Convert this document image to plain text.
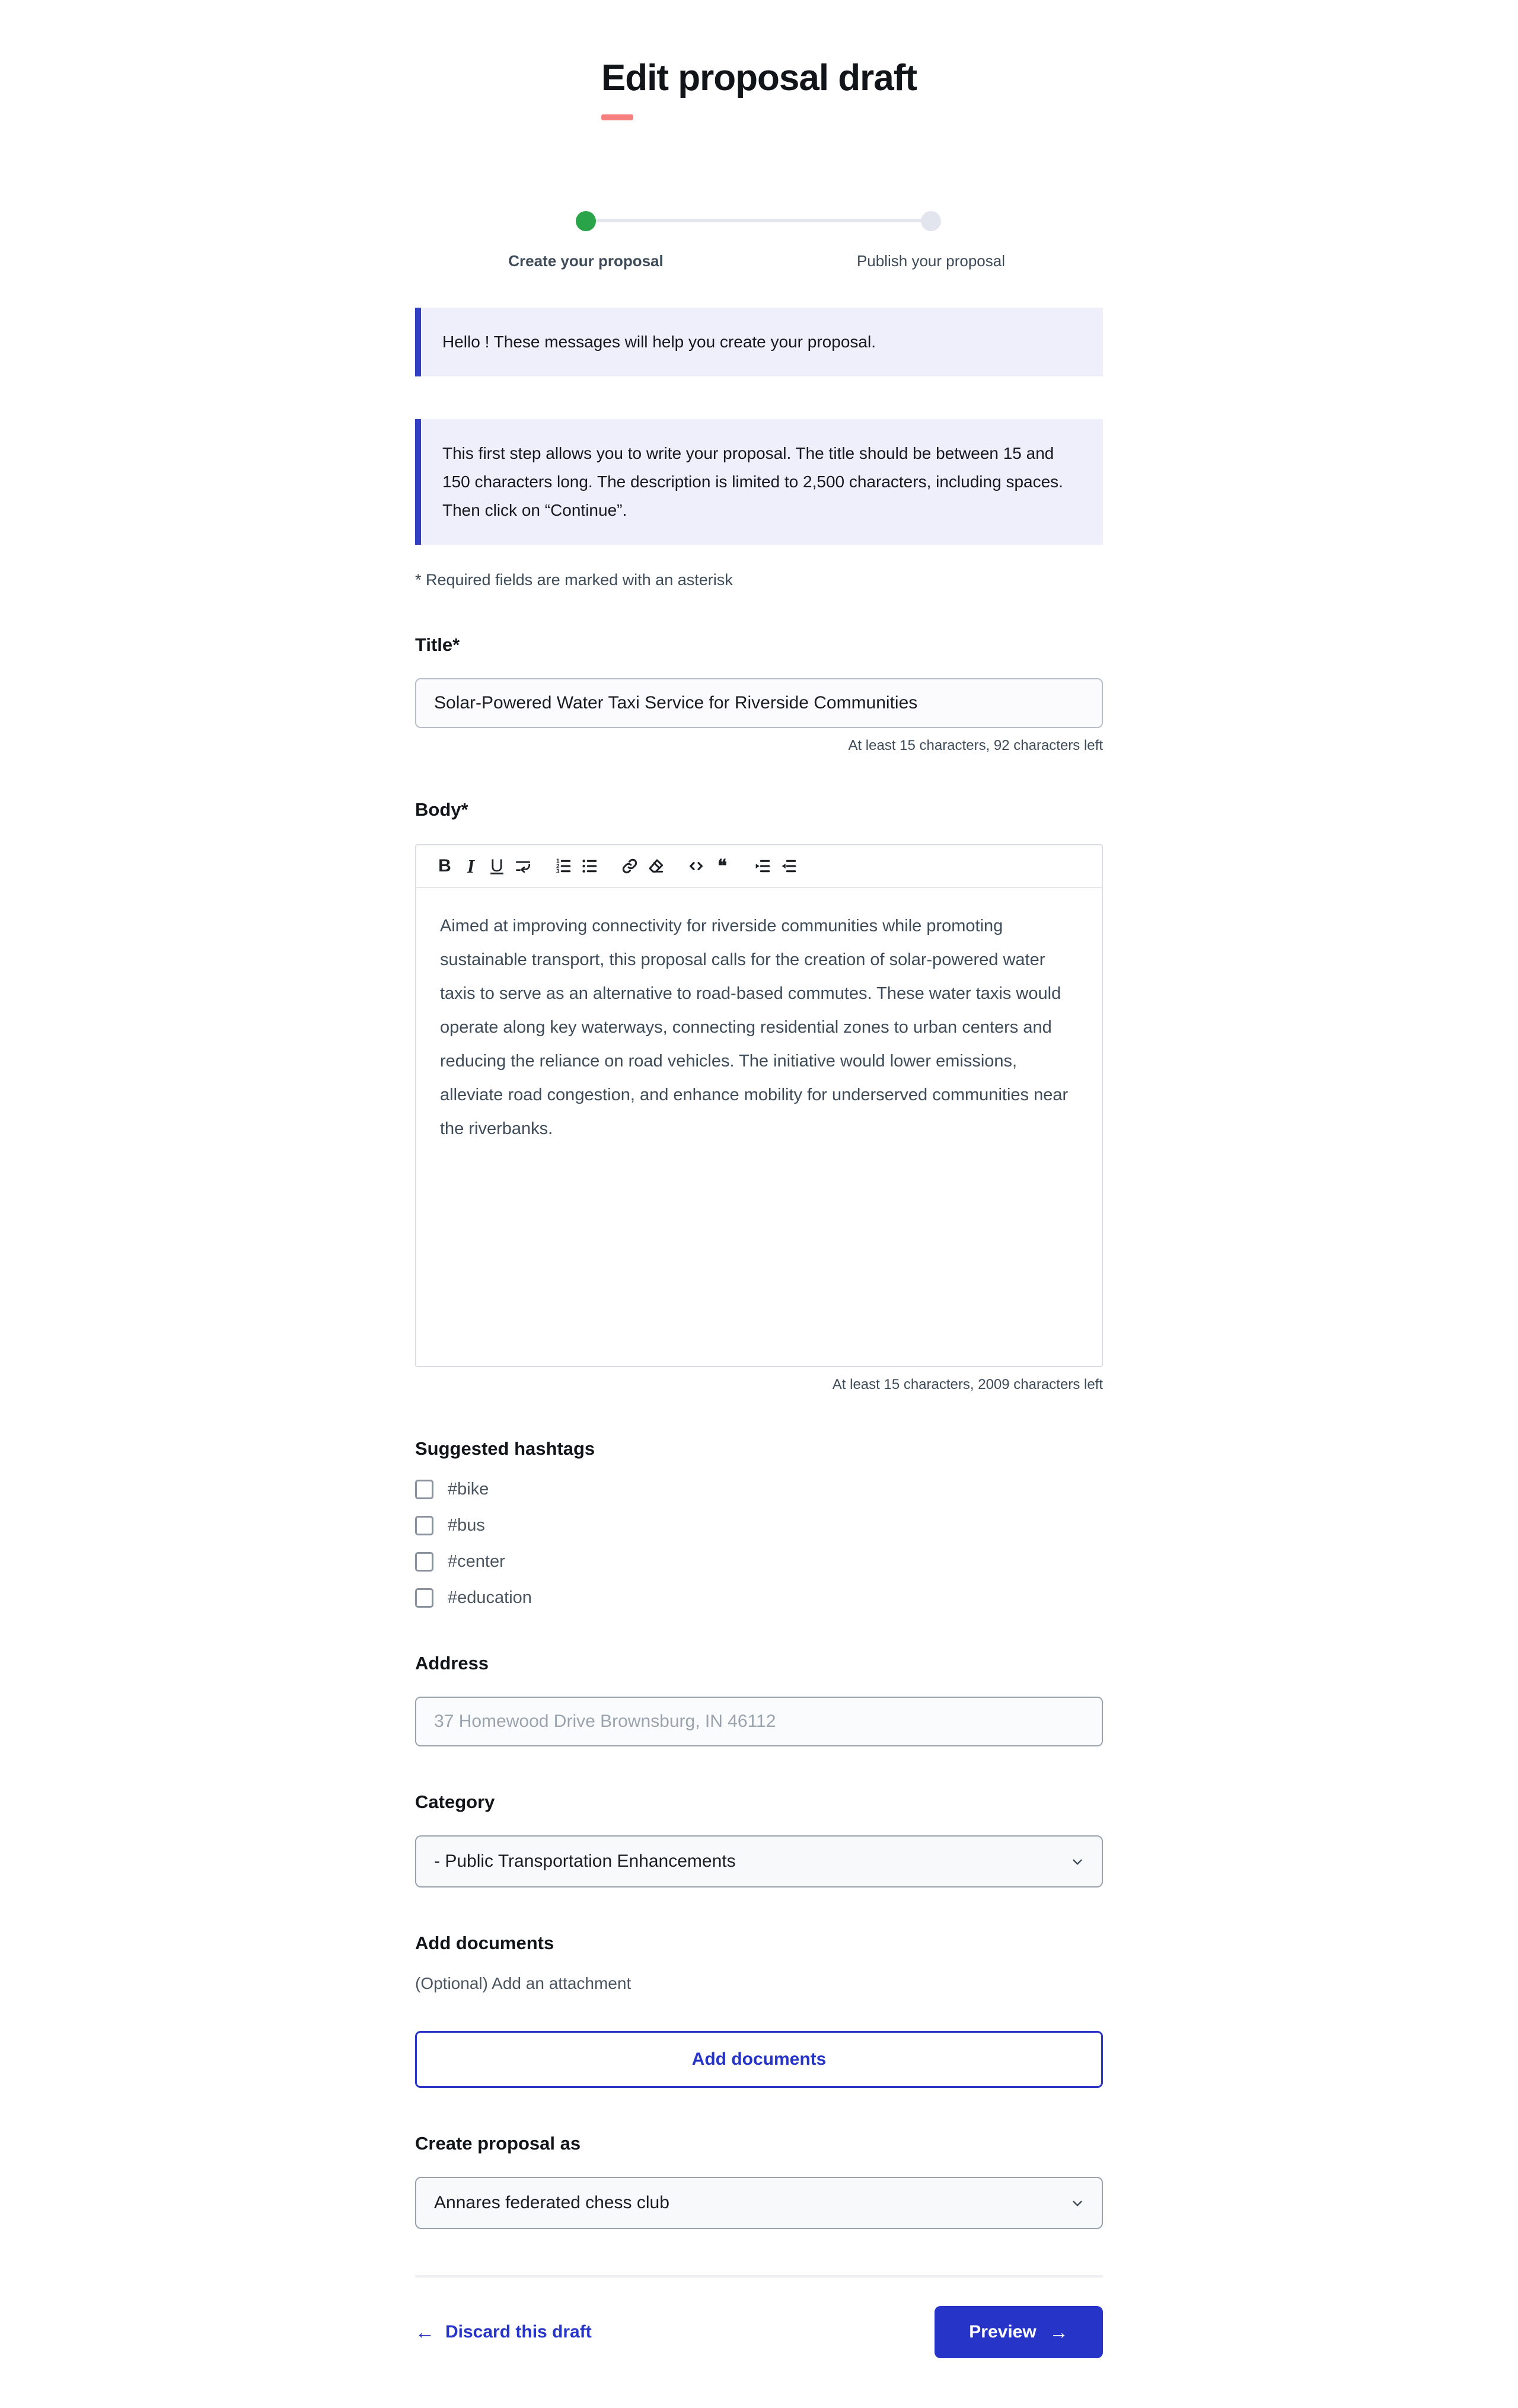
Edit proposal draft
Create your proposal	Publish your proposal
Hello ! These messages will help you create your proposal.
This first step allows you to write your proposal. The title should be between 15 and 150 characters long. The description is limited to 2,500 characters, including spaces. Then click on “Continue”.
* Required fields are marked with an asterisk
Title*
Solar-Powered Water Taxi Service for Riverside Communities
At least 15 characters, 92 characters left
Body*
B I U	1
2
3	❝

Aimed at improving connectivity for riverside communities while promoting sustainable transport, this proposal calls for the creation of solar-powered water taxis to serve as an alternative to road-based commutes. These water taxis would operate along key waterways, connecting residential zones to urban centers and reducing the reliance on road vehicles. The initiative would lower emissions, alleviate road congestion, and enhance mobility for underserved communities near the riverbanks.

At least 15 characters, 2009 characters left
Suggested hashtags
#bike
#bus
#center
#education
Address
37 Homewood Drive Brownsburg, IN 46112
Category
- Public Transportation Enhancements
Add documents
(Optional) Add an attachment
Add documents
Create proposal as
Annares federated chess club
← Discard this draft	Preview →
